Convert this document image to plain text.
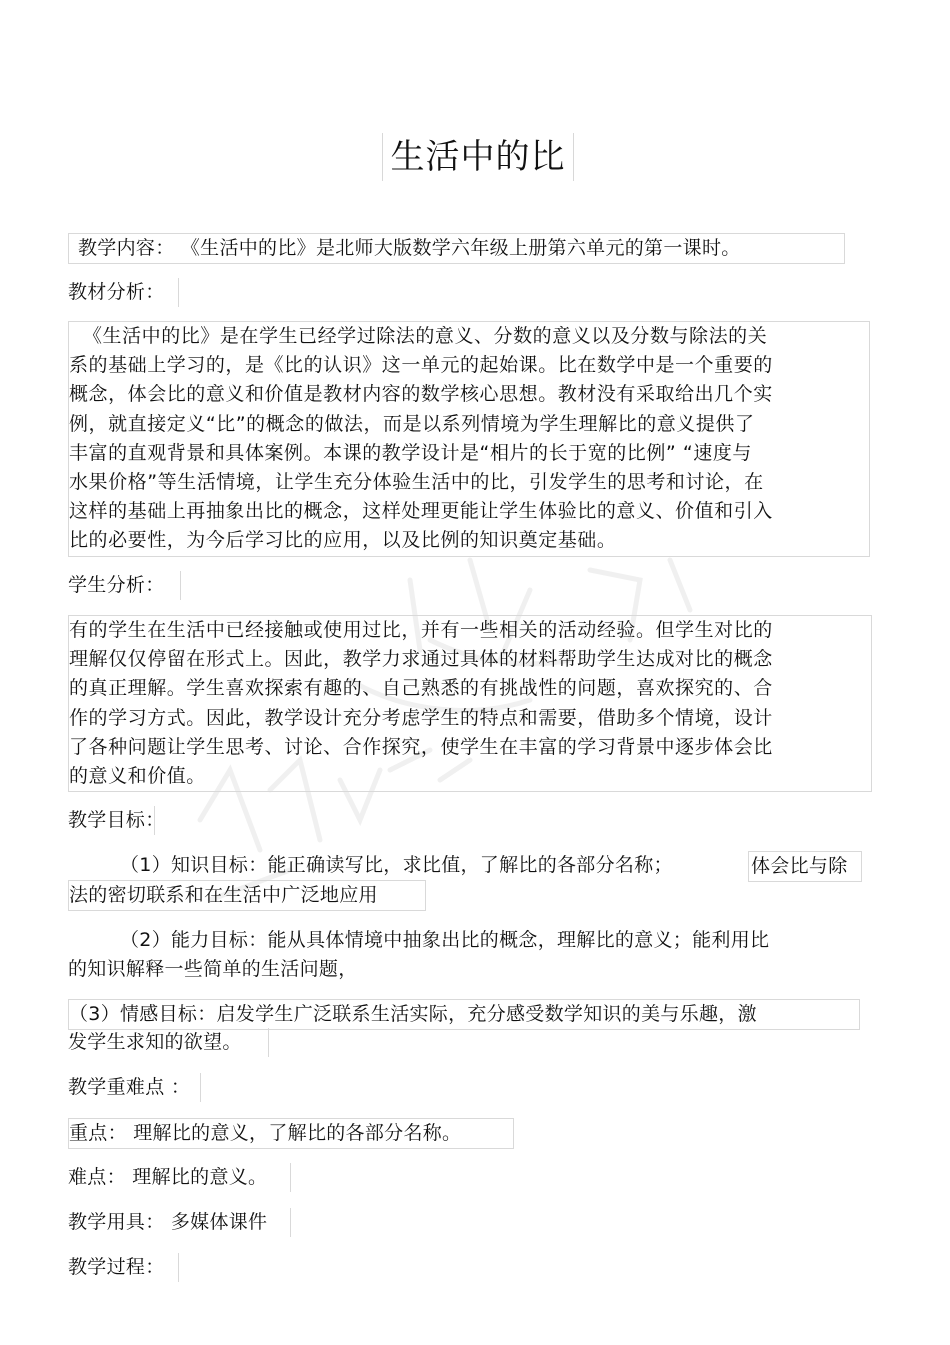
生活中的比
教学内容： 《生活中的比》是北师大版数学六年级上册第六单元的第一课时。
教材分析：
《生活中的比》是在学生已经学过除法的意义、分数的意义以及分数与除法的关
系的基础上学习的，是《比的认识》这一单元的起始课。比在数学中是一个重要的
概念，体会比的意义和价值是教材内容的数学核心思想。教材没有采取给出几个实
例，就直接定义“比”的概念的做法，而是以系列情境为学生理解比的意义提供了
丰富的直观背景和具体案例。本课的教学设计是“相片的长于宽的比例” “速度与
水果价格”等生活情境，让学生充分体验生活中的比，引发学生的思考和讨论，在
这样的基础上再抽象出比的概念，这样处理更能让学生体验比的意义、价值和引入
比的必要性，为今后学习比的应用，以及比例的知识奠定基础。
学生分析：
有的学生在生活中已经接触或使用过比，并有一些相关的活动经验。但学生对比的
理解仅仅停留在形式上。因此，教学力求通过具体的材料帮助学生达成对比的概念
的真正理解。学生喜欢探索有趣的、自己熟悉的有挑战性的问题，喜欢探究的、合
作的学习方式。因此，教学设计充分考虑学生的特点和需要，借助多个情境，设计
了各种问题让学生思考、讨论、合作探究，使学生在丰富的学习背景中逐步体会比
的意义和价值。
教学目标：
（1）知识目标：能正确读写比，求比值，了解比的各部分名称；	体会比与除
法的密切联系和在生活中广泛地应用
（2）能力目标：能从具体情境中抽象出比的概念，理解比的意义；能利用比
的知识解释一些简单的生活问题，
（3）情感目标：启发学生广泛联系生活实际，充分感受数学知识的美与乐趣，激
发学生求知的欲望。
教学重难点 ：
重点： 理解比的意义，了解比的各部分名称。
难点： 理解比的意义。
教学用具： 多媒体课件
教学过程：
